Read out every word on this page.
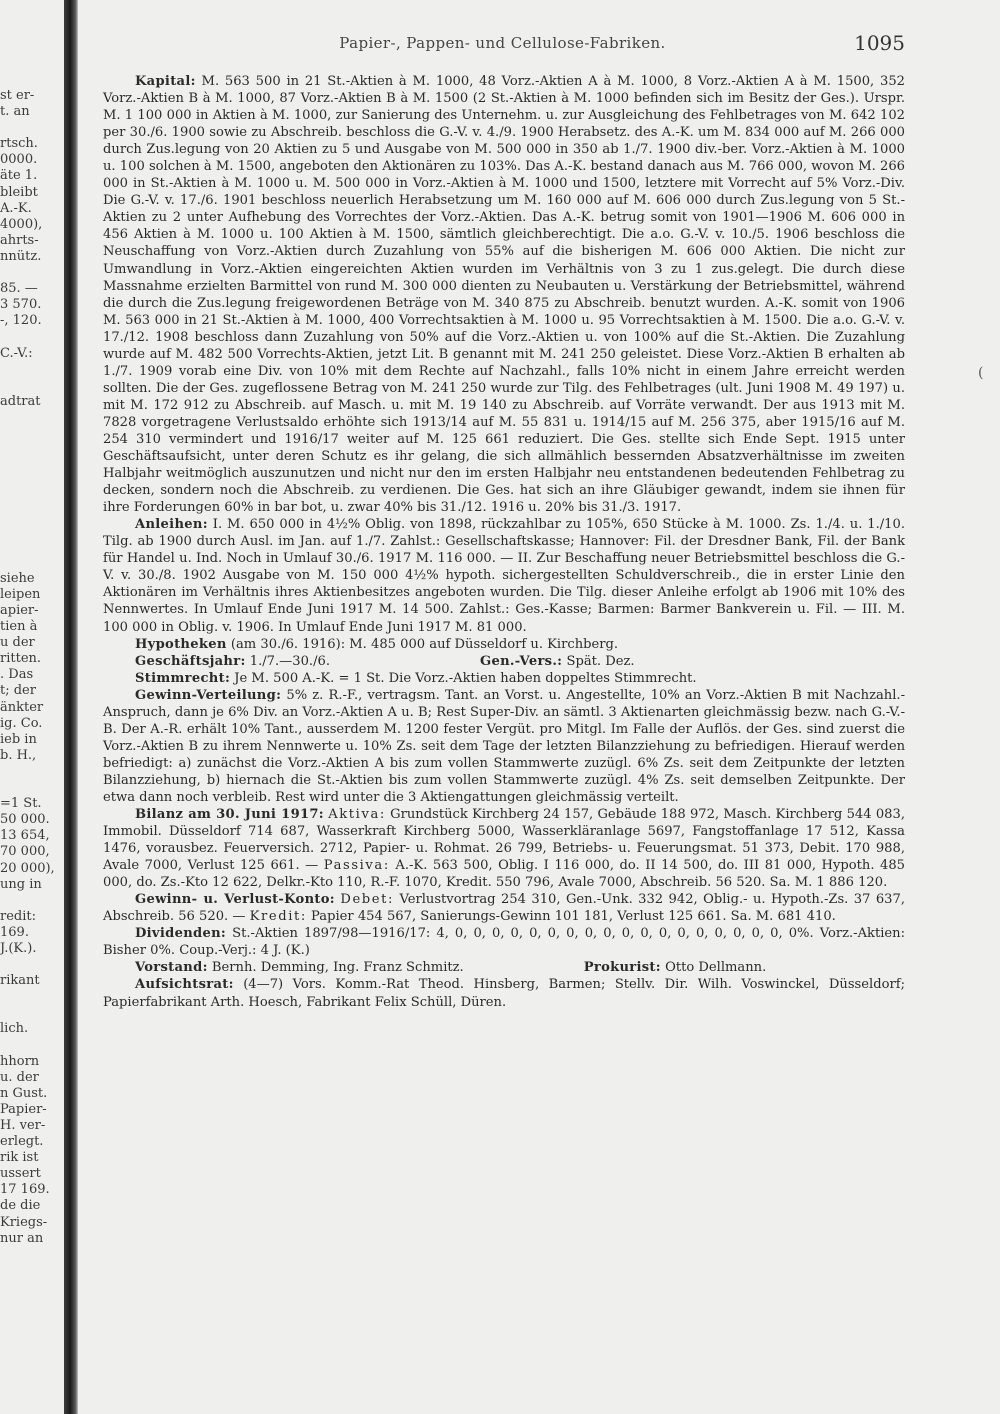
st er-
t. an
rtsch.
0000.
äte 1.
bleibt
A.-K.
4000),
ahrts-
nnütz.
85. —
3 570.
-, 120.
C.-V.:
adtrat
siehe
leipen
apier-
tien à
u der
ritten.
. Das
t; der
änkter
ig. Co.
ieb in
b. H.,
=1 St.
50 000.
13 654,
70 000,
20 000),
ung in
redit:
169.
J.(K.).
rikant
lich.
hhorn
u. der
n Gust.
Papier-
H. ver-
erlegt.
rik ist
ussert
17 169.
de die
Kriegs-
nur an
Papier-, Pappen- und Cellulose-Fabriken.	1095
(

Kapital: M. 563 500 in 21 St.-Aktien à M. 1000, 48 Vorz.-Aktien A à M. 1000, 8 Vorz.-Aktien A à M. 1500, 352 Vorz.-Aktien B à M. 1000, 87 Vorz.-Aktien B à M. 1500 (2 St.-Aktien à M. 1000 befinden sich im Besitz der Ges.). Urspr. M. 1 100 000 in Aktien à M. 1000, zur Sanierung des Unternehm. u. zur Ausgleichung des Fehlbetrages von M. 642 102 per 30./6. 1900 sowie zu Abschreib. beschloss die G.-V. v. 4./9. 1900 Herabsetz. des A.-K. um M. 834 000 auf M. 266 000 durch Zus.legung von 20 Aktien zu 5 und Ausgabe von M. 500 000 in 350 ab 1./7. 1900 div.-ber. Vorz.-Aktien à M. 1000 u. 100 solchen à M. 1500, angeboten den Aktionären zu 103%. Das A.-K. bestand danach aus M. 766 000, wovon M. 266 000 in St.-Aktien à M. 1000 u. M. 500 000 in Vorz.-Aktien à M. 1000 und 1500, letztere mit Vorrecht auf 5% Vorz.-Div. Die G.-V. v. 17./6. 1901 beschloss neuerlich Herabsetzung um M. 160 000 auf M. 606 000 durch Zus.legung von 5 St.-Aktien zu 2 unter Aufhebung des Vorrechtes der Vorz.-Aktien. Das A.-K. betrug somit von 1901—1906 M. 606 000 in 456 Aktien à M. 1000 u. 100 Aktien à M. 1500, sämtlich gleichberechtigt. Die a.o. G.-V. v. 10./5. 1906 beschloss die Neuschaffung von Vorz.-Aktien durch Zuzahlung von 55% auf die bisherigen M. 606 000 Aktien. Die nicht zur Umwandlung in Vorz.-Aktien eingereichten Aktien wurden im Verhältnis von 3 zu 1 zus.gelegt. Die durch diese Massnahme erzielten Barmittel von rund M. 300 000 dienten zu Neubauten u. Verstärkung der Betriebsmittel, während die durch die Zus.legung freigewordenen Beträge von M. 340 875 zu Abschreib. benutzt wurden. A.-K. somit von 1906 M. 563 000 in 21 St.-Aktien à M. 1000, 400 Vorrechtsaktien à M. 1000 u. 95 Vorrechtsaktien à M. 1500. Die a.o. G.-V. v. 17./12. 1908 beschloss dann Zuzahlung von 50% auf die Vorz.-Aktien u. von 100% auf die St.-Aktien. Die Zuzahlung wurde auf M. 482 500 Vorrechts-Aktien, jetzt Lit. B genannt mit M. 241 250 geleistet. Diese Vorz.-Aktien B erhalten ab 1./7. 1909 vorab eine Div. von 10% mit dem Rechte auf Nachzahl., falls 10% nicht in einem Jahre erreicht werden sollten. Die der Ges. zugeflossene Betrag von M. 241 250 wurde zur Tilg. des Fehlbetrages (ult. Juni 1908 M. 49 197) u. mit M. 172 912 zu Abschreib. auf Masch. u. mit M. 19 140 zu Abschreib. auf Vorräte verwandt. Der aus 1913 mit M. 7828 vorgetragene Verlustsaldo erhöhte sich 1913/14 auf M. 55 831 u. 1914/15 auf M. 256 375, aber 1915/16 auf M. 254 310 vermindert und 1916/17 weiter auf M. 125 661 reduziert. Die Ges. stellte sich Ende Sept. 1915 unter Geschäftsaufsicht, unter deren Schutz es ihr gelang, die sich allmählich bessernden Absatzverhältnisse im zweiten Halbjahr weitmöglich auszunutzen und nicht nur den im ersten Halbjahr neu entstandenen bedeutenden Fehlbetrag zu decken, sondern noch die Abschreib. zu verdienen. Die Ges. hat sich an ihre Gläubiger gewandt, indem sie ihnen für ihre Forderungen 60% in bar bot, u. zwar 40% bis 31./12. 1916 u. 20% bis 31./3. 1917.

Anleihen: I. M. 650 000 in 4½% Oblig. von 1898, rückzahlbar zu 105%, 650 Stücke à M. 1000. Zs. 1./4. u. 1./10. Tilg. ab 1900 durch Ausl. im Jan. auf 1./7. Zahlst.: Gesellschaftskasse; Hannover: Fil. der Dresdner Bank, Fil. der Bank für Handel u. Ind. Noch in Umlauf 30./6. 1917 M. 116 000. — II. Zur Beschaffung neuer Betriebsmittel beschloss die G.-V. v. 30./8. 1902 Ausgabe von M. 150 000 4½% hypoth. sichergestellten Schuldverschreib., die in erster Linie den Aktionären im Verhältnis ihres Aktienbesitzes angeboten wurden. Die Tilg. dieser Anleihe erfolgt ab 1906 mit 10% des Nennwertes. In Umlauf Ende Juni 1917 M. 14 500. Zahlst.: Ges.-Kasse; Barmen: Barmer Bankverein u. Fil. — III. M. 100 000 in Oblig. v. 1906. In Umlauf Ende Juni 1917 M. 81 000.

Hypotheken (am 30./6. 1916): M. 485 000 auf Düsseldorf u. Kirchberg.

Geschäftsjahr: 1./7.—30./6.	Gen.-Vers.: Spät. Dez.

Stimmrecht: Je M. 500 A.-K. = 1 St. Die Vorz.-Aktien haben doppeltes Stimmrecht.

Gewinn-Verteilung: 5% z. R.-F., vertragsm. Tant. an Vorst. u. Angestellte, 10% an Vorz.-Aktien B mit Nachzahl.-Anspruch, dann je 6% Div. an Vorz.-Aktien A u. B; Rest Super-Div. an sämtl. 3 Aktienarten gleichmässig bezw. nach G.-V.-B. Der A.-R. erhält 10% Tant., ausserdem M. 1200 fester Vergüt. pro Mitgl. Im Falle der Auflös. der Ges. sind zuerst die Vorz.-Aktien B zu ihrem Nennwerte u. 10% Zs. seit dem Tage der letzten Bilanzziehung zu befriedigen. Hierauf werden befriedigt: a) zunächst die Vorz.-Aktien A bis zum vollen Stammwerte zuzügl. 6% Zs. seit dem Zeitpunkte der letzten Bilanzziehung, b) hiernach die St.-Aktien bis zum vollen Stammwerte zuzügl. 4% Zs. seit demselben Zeitpunkte. Der etwa dann noch verbleib. Rest wird unter die 3 Aktiengattungen gleichmässig verteilt.

Bilanz am 30. Juni 1917: Aktiva: Grundstück Kirchberg 24 157, Gebäude 188 972, Masch. Kirchberg 544 083, Immobil. Düsseldorf 714 687, Wasserkraft Kirchberg 5000, Wasserkläranlage 5697, Fangstoffanlage 17 512, Kassa 1476, vorausbez. Feuerversich. 2712, Papier- u. Rohmat. 26 799, Betriebs- u. Feuerungsmat. 51 373, Debit. 170 988, Avale 7000, Verlust 125 661. — Passiva: A.-K. 563 500, Oblig. I 116 000, do. II 14 500, do. III 81 000, Hypoth. 485 000, do. Zs.-Kto 12 622, Delkr.-Kto 110, R.-F. 1070, Kredit. 550 796, Avale 7000, Abschreib. 56 520. Sa. M. 1 886 120.

Gewinn- u. Verlust-Konto: Debet: Verlustvortrag 254 310, Gen.-Unk. 332 942, Oblig.- u. Hypoth.-Zs. 37 637, Abschreib. 56 520. — Kredit: Papier 454 567, Sanierungs-Gewinn 101 181, Verlust 125 661. Sa. M. 681 410.

Dividenden: St.-Aktien 1897/98—1916/17: 4, 0, 0, 0, 0, 0, 0, 0, 0, 0, 0, 0, 0, 0, 0, 0, 0, 0, 0, 0%. Vorz.-Aktien: Bisher 0%. Coup.-Verj.: 4 J. (K.)

Vorstand: Bernh. Demming, Ing. Franz Schmitz.	Prokurist: Otto Dellmann.

Aufsichtsrat: (4—7) Vors. Komm.-Rat Theod. Hinsberg, Barmen; Stellv. Dir. Wilh. Voswinckel, Düsseldorf; Papierfabrikant Arth. Hoesch, Fabrikant Felix Schüll, Düren.
